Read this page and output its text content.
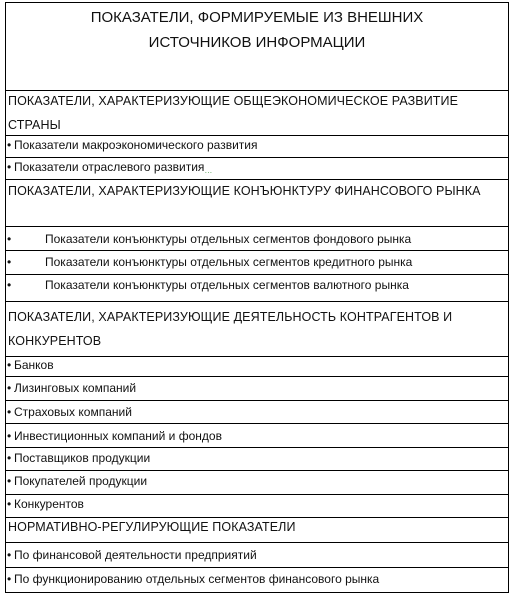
ПОКАЗАТЕЛИ, ФОРМИРУЕМЫЕ ИЗ ВНЕШНИХ ИСТОЧНИКОВ ИНФОРМАЦИИ
ПОКАЗАТЕЛИ, ХАРАКТЕРИЗУЮЩИЕ ОБЩЕЭКОНОМИЧЕСКОЕ РАЗВИТИЕ СТРАНЫ
• Показатели макроэкономического развития
• Показатели отраслевого развития…
ПОКАЗАТЕЛИ, ХАРАКТЕРИЗУЮЩИЕ КОНЪЮНКТУРУ ФИНАНСОВОГО РЫНКА
•	Показатели конъюнктуры отдельных сегментов фондового рынка
•	Показатели конъюнктуры отдельных сегментов кредитного рынка
•	Показатели конъюнктуры отдельных сегментов валютного рынка
ПОКАЗАТЕЛИ, ХАРАКТЕРИЗУЮЩИЕ ДЕЯТЕЛЬНОСТЬ КОНТРАГЕНТОВ И КОНКУРЕНТОВ
• Банков
• Лизинговых компаний
• Страховых компаний
• Инвестиционных компаний и фондов
• Поставщиков продукции
• Покупателей продукции
• Конкурентов
НОРМАТИВНО-РЕГУЛИРУЮЩИЕ ПОКАЗАТЕЛИ
• По финансовой деятельности предприятий
• По функционированию отдельных сегментов финансового рынка
